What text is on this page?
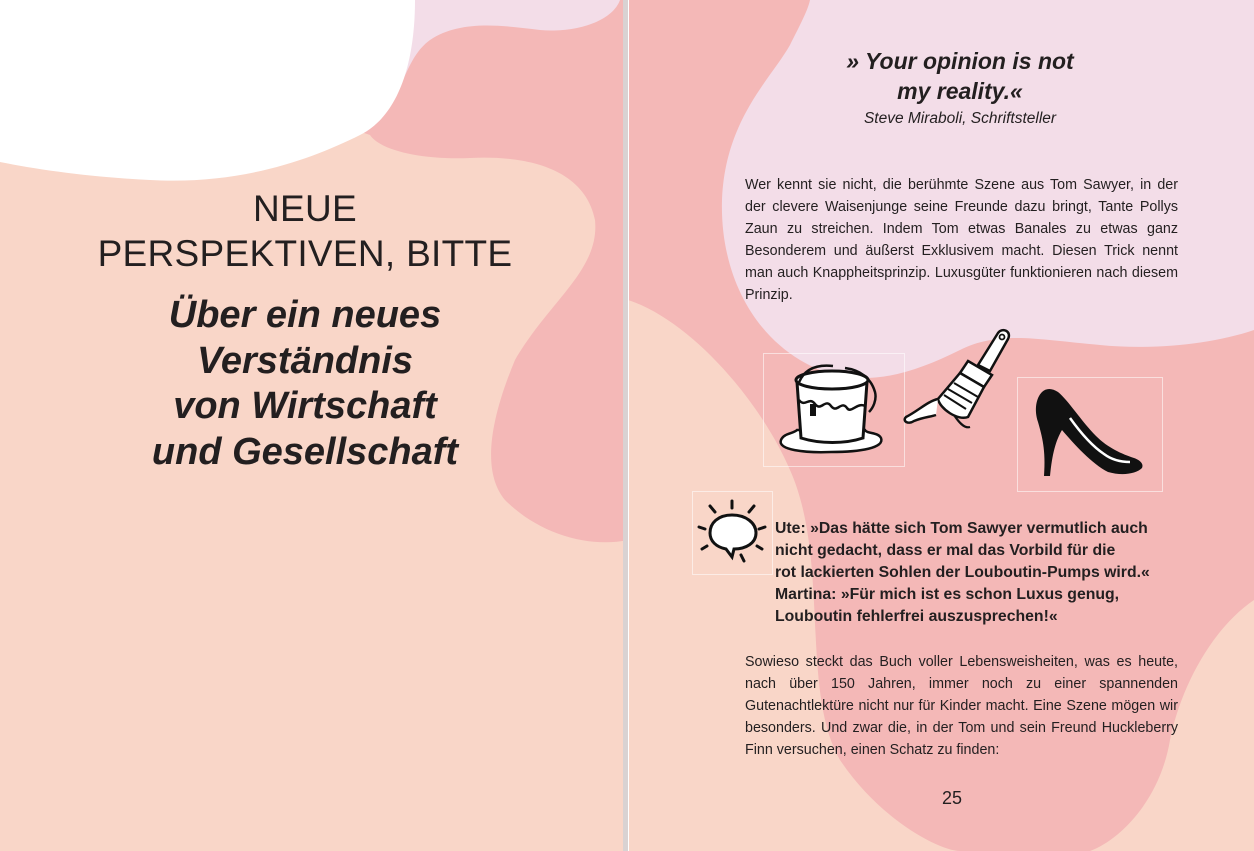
NEUE
PERSPEKTIVEN, BITTE
Über ein neues
Verständnis
von Wirtschaft
und Gesellschaft
» Your opinion is not
my reality.«
Steve Miraboli, Schriftsteller

Wer kennt sie nicht, die berühmte Szene aus Tom Sawyer, in der der clevere Waisenjunge seine Freunde dazu bringt, Tante Pollys Zaun zu streichen. Indem Tom etwas Banales zu etwas ganz Besonderem und äußerst Exklusivem macht. Diesen Trick nennt man auch Knappheitsprinzip. Luxusgüter funktionieren nach diesem Prinzip.

Ute: »Das hätte sich Tom Sawyer vermutlich auch
nicht gedacht, dass er mal das Vorbild für die
rot lackierten Sohlen der Louboutin-Pumps wird.«
Martina: »Für mich ist es schon Luxus genug,
Louboutin fehlerfrei auszusprechen!«

Sowieso steckt das Buch voller Lebensweisheiten, was es heute, nach über 150 Jahren, immer noch zu einer spannenden Gutenachtlektüre nicht nur für Kinder macht. Eine Szene mögen wir besonders. Und zwar die, in der Tom und sein Freund Huckleberry Finn versuchen, einen Schatz zu finden:

25
